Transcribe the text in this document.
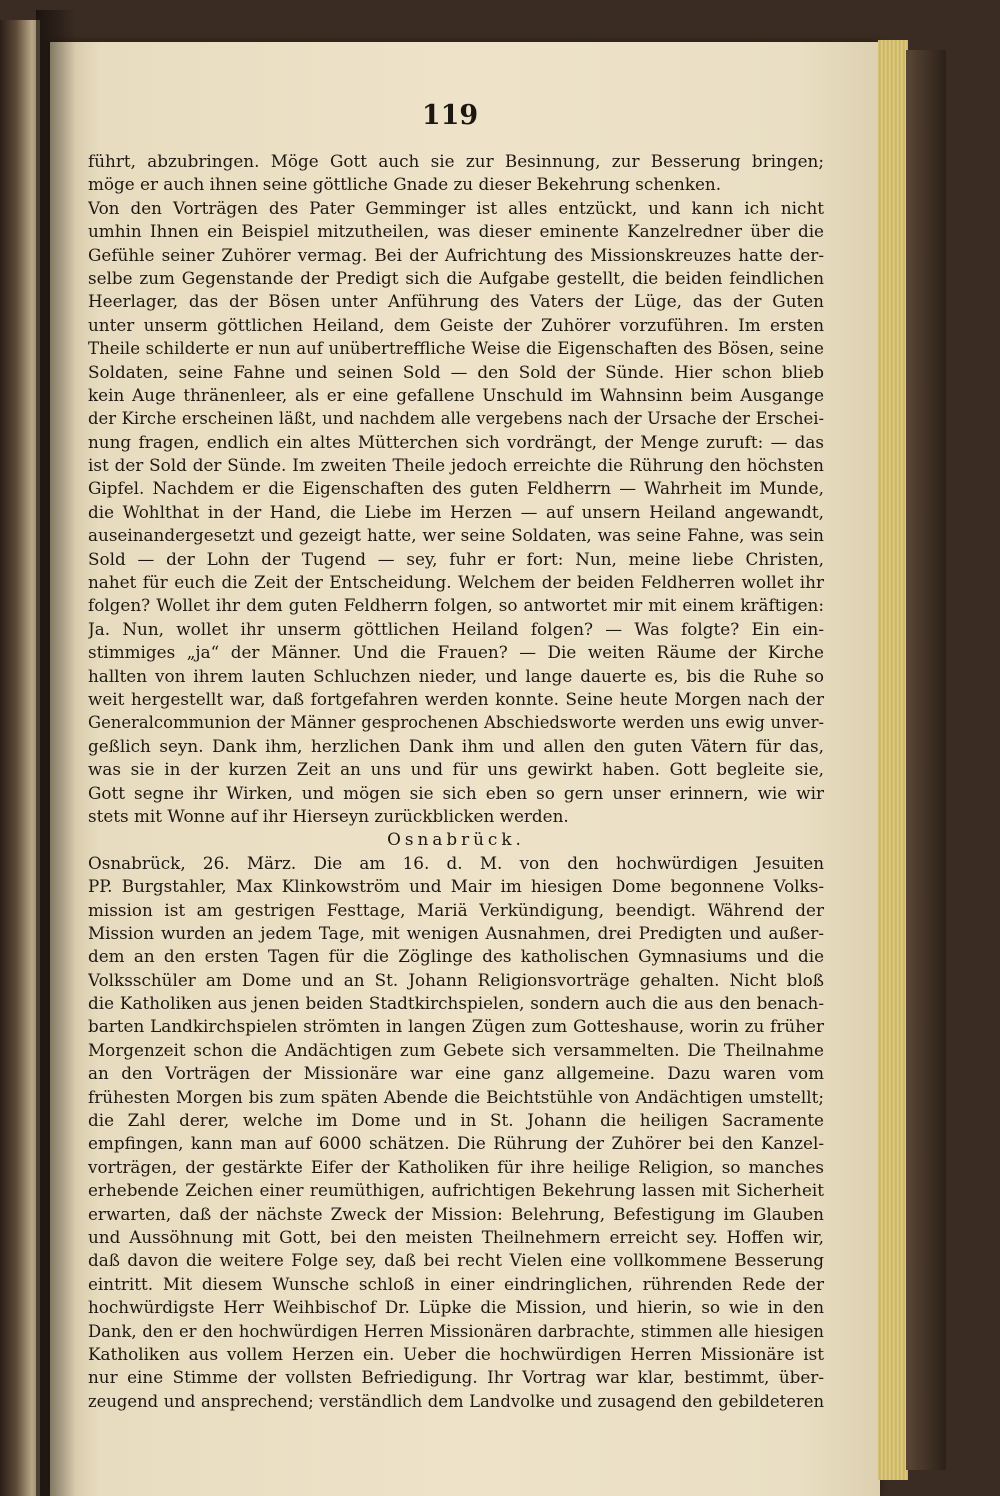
119
führt, abzubringen. Möge Gott auch sie zur Besinnung, zur Besserung bringen;
möge er auch ihnen seine göttliche Gnade zu dieser Bekehrung schenken.
Von den Vorträgen des Pater Gemminger ist alles entzückt, und kann ich nicht
umhin Ihnen ein Beispiel mitzutheilen, was dieser eminente Kanzelredner über die
Gefühle seiner Zuhörer vermag. Bei der Aufrichtung des Missionskreuzes hatte der-
selbe zum Gegenstande der Predigt sich die Aufgabe gestellt, die beiden feindlichen
Heerlager, das der Bösen unter Anführung des Vaters der Lüge, das der Guten
unter unserm göttlichen Heiland, dem Geiste der Zuhörer vorzuführen. Im ersten
Theile schilderte er nun auf unübertreffliche Weise die Eigenschaften des Bösen, seine
Soldaten, seine Fahne und seinen Sold — den Sold der Sünde. Hier schon blieb
kein Auge thränenleer, als er eine gefallene Unschuld im Wahnsinn beim Ausgange
der Kirche erscheinen läßt, und nachdem alle vergebens nach der Ursache der Erschei-
nung fragen, endlich ein altes Mütterchen sich vordrängt, der Menge zuruft: — das
ist der Sold der Sünde. Im zweiten Theile jedoch erreichte die Rührung den höchsten
Gipfel. Nachdem er die Eigenschaften des guten Feldherrn — Wahrheit im Munde,
die Wohlthat in der Hand, die Liebe im Herzen — auf unsern Heiland angewandt,
auseinandergesetzt und gezeigt hatte, wer seine Soldaten, was seine Fahne, was sein
Sold — der Lohn der Tugend — sey, fuhr er fort: Nun, meine liebe Christen,
nahet für euch die Zeit der Entscheidung. Welchem der beiden Feldherren wollet ihr
folgen? Wollet ihr dem guten Feldherrn folgen, so antwortet mir mit einem kräftigen:
Ja. Nun, wollet ihr unserm göttlichen Heiland folgen? — Was folgte? Ein ein-
stimmiges „ja“ der Männer. Und die Frauen? — Die weiten Räume der Kirche
hallten von ihrem lauten Schluchzen nieder, und lange dauerte es, bis die Ruhe so
weit hergestellt war, daß fortgefahren werden konnte. Seine heute Morgen nach der
Generalcommunion der Männer gesprochenen Abschiedsworte werden uns ewig unver-
geßlich seyn. Dank ihm, herzlichen Dank ihm und allen den guten Vätern für das,
was sie in der kurzen Zeit an uns und für uns gewirkt haben. Gott begleite sie,
Gott segne ihr Wirken, und mögen sie sich eben so gern unser erinnern, wie wir
stets mit Wonne auf ihr Hierseyn zurückblicken werden.
Osnabrück.
Osnabrück, 26. März. Die am 16. d. M. von den hochwürdigen Jesuiten
PP. Burgstahler, Max Klinkowström und Mair im hiesigen Dome begonnene Volks-
mission ist am gestrigen Festtage, Mariä Verkündigung, beendigt. Während der
Mission wurden an jedem Tage, mit wenigen Ausnahmen, drei Predigten und außer-
dem an den ersten Tagen für die Zöglinge des katholischen Gymnasiums und die
Volksschüler am Dome und an St. Johann Religionsvorträge gehalten. Nicht bloß
die Katholiken aus jenen beiden Stadtkirchspielen, sondern auch die aus den benach-
barten Landkirchspielen strömten in langen Zügen zum Gotteshause, worin zu früher
Morgenzeit schon die Andächtigen zum Gebete sich versammelten. Die Theilnahme
an den Vorträgen der Missionäre war eine ganz allgemeine. Dazu waren vom
frühesten Morgen bis zum späten Abende die Beichtstühle von Andächtigen umstellt;
die Zahl derer, welche im Dome und in St. Johann die heiligen Sacramente
empfingen, kann man auf 6000 schätzen. Die Rührung der Zuhörer bei den Kanzel-
vorträgen, der gestärkte Eifer der Katholiken für ihre heilige Religion, so manches
erhebende Zeichen einer reumüthigen, aufrichtigen Bekehrung lassen mit Sicherheit
erwarten, daß der nächste Zweck der Mission: Belehrung, Befestigung im Glauben
und Aussöhnung mit Gott, bei den meisten Theilnehmern erreicht sey. Hoffen wir,
daß davon die weitere Folge sey, daß bei recht Vielen eine vollkommene Besserung
eintritt. Mit diesem Wunsche schloß in einer eindringlichen, rührenden Rede der
hochwürdigste Herr Weihbischof Dr. Lüpke die Mission, und hierin, so wie in den
Dank, den er den hochwürdigen Herren Missionären darbrachte, stimmen alle hiesigen
Katholiken aus vollem Herzen ein. Ueber die hochwürdigen Herren Missionäre ist
nur eine Stimme der vollsten Befriedigung. Ihr Vortrag war klar, bestimmt, über-
zeugend und ansprechend; verständlich dem Landvolke und zusagend den gebildeteren
